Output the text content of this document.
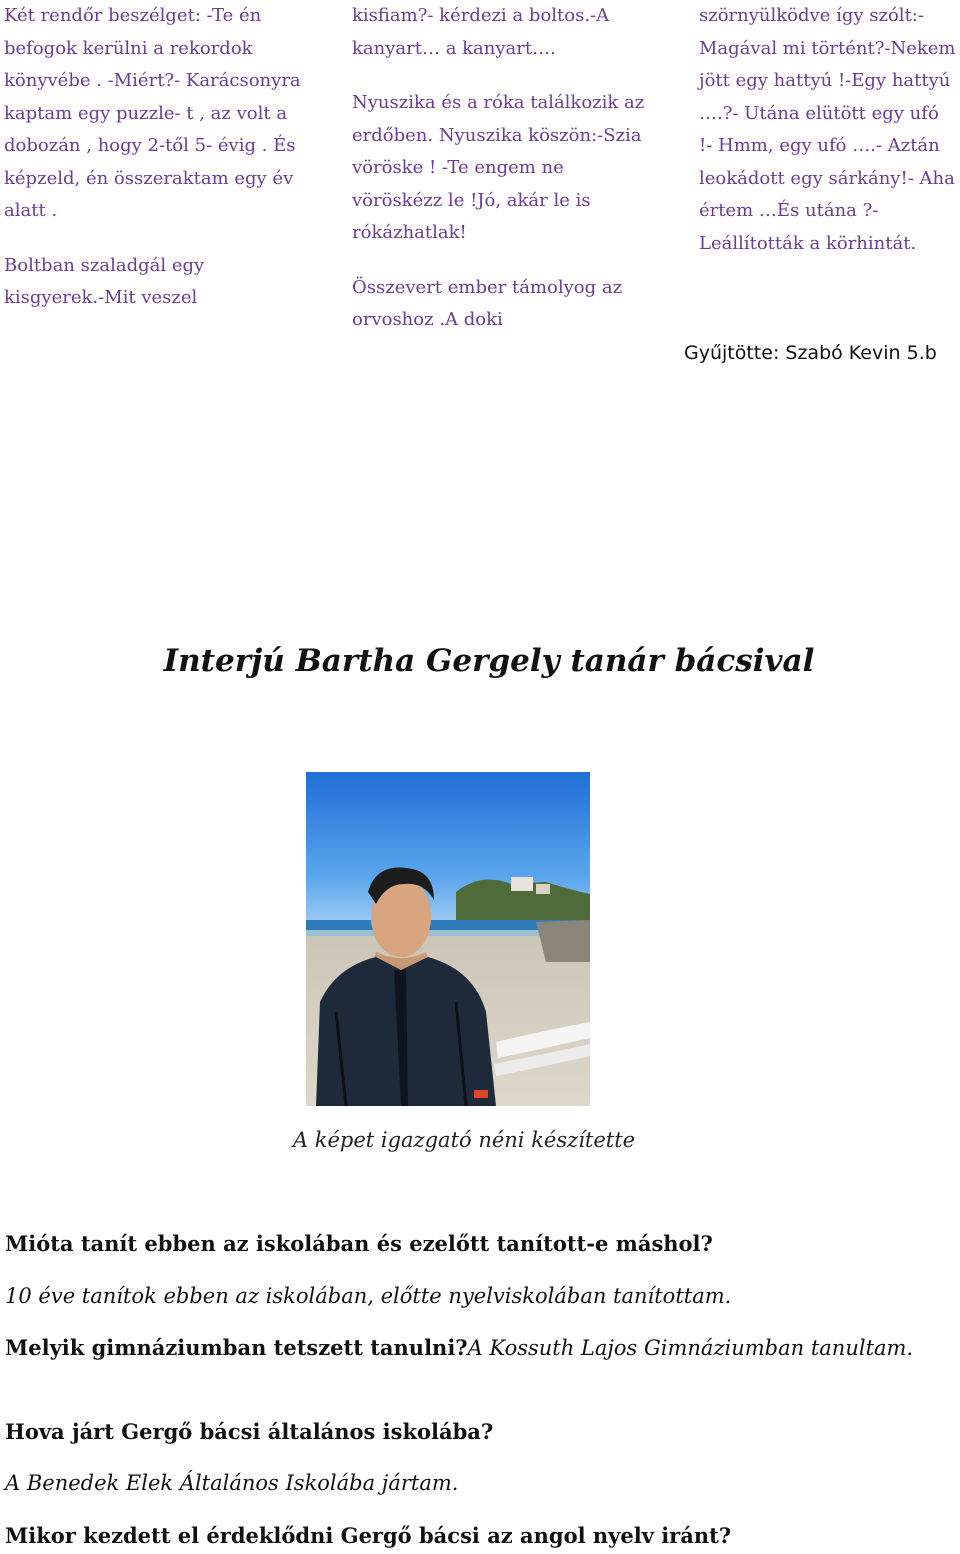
Két rendőr beszélget: -Te én befogok kerülni a rekordok könyvébe . -Miért?- Karácsonyra kaptam egy puzzle- t , az volt a dobozán , hogy 2-től 5- évig . És képzeld, én összeraktam egy év alatt .

Boltban szaladgál egy kisgyerek.-Mit veszel

kisfiam?- kérdezi a boltos.-A kanyart… a kanyart….

Nyuszika és a róka találkozik az erdőben. Nyuszika köszön:-Szia vöröske ! -Te engem ne vöröskézz le !Jó, akár le is rókázhatlak!

Összevert ember támolyog az orvoshoz .A doki

szörnyülködve így szólt:- Magával mi történt?-Nekem jött egy hattyú !-Egy hattyú ….?- Utána elütött egy ufó !- Hmm, egy ufó ….- Aztán leokádott egy sárkány!- Aha értem …És utána ?- Leállították a körhintát.

Gyűjtötte: Szabó Kevin 5.b
Interjú Bartha Gergely tanár bácsival
A képet igazgató néni készítette
Mióta tanít ebben az iskolában és ezelőtt tanított-e máshol?
10 éve tanítok ebben az iskolában, előtte nyelviskolában tanítottam.
Melyik gimnáziumban tetszett tanulni?A Kossuth Lajos Gimnáziumban tanultam.
Hova járt Gergő bácsi általános iskolába?
A Benedek Elek Általános Iskolába jártam.
Mikor kezdett el érdeklődni Gergő bácsi az angol nyelv iránt?
